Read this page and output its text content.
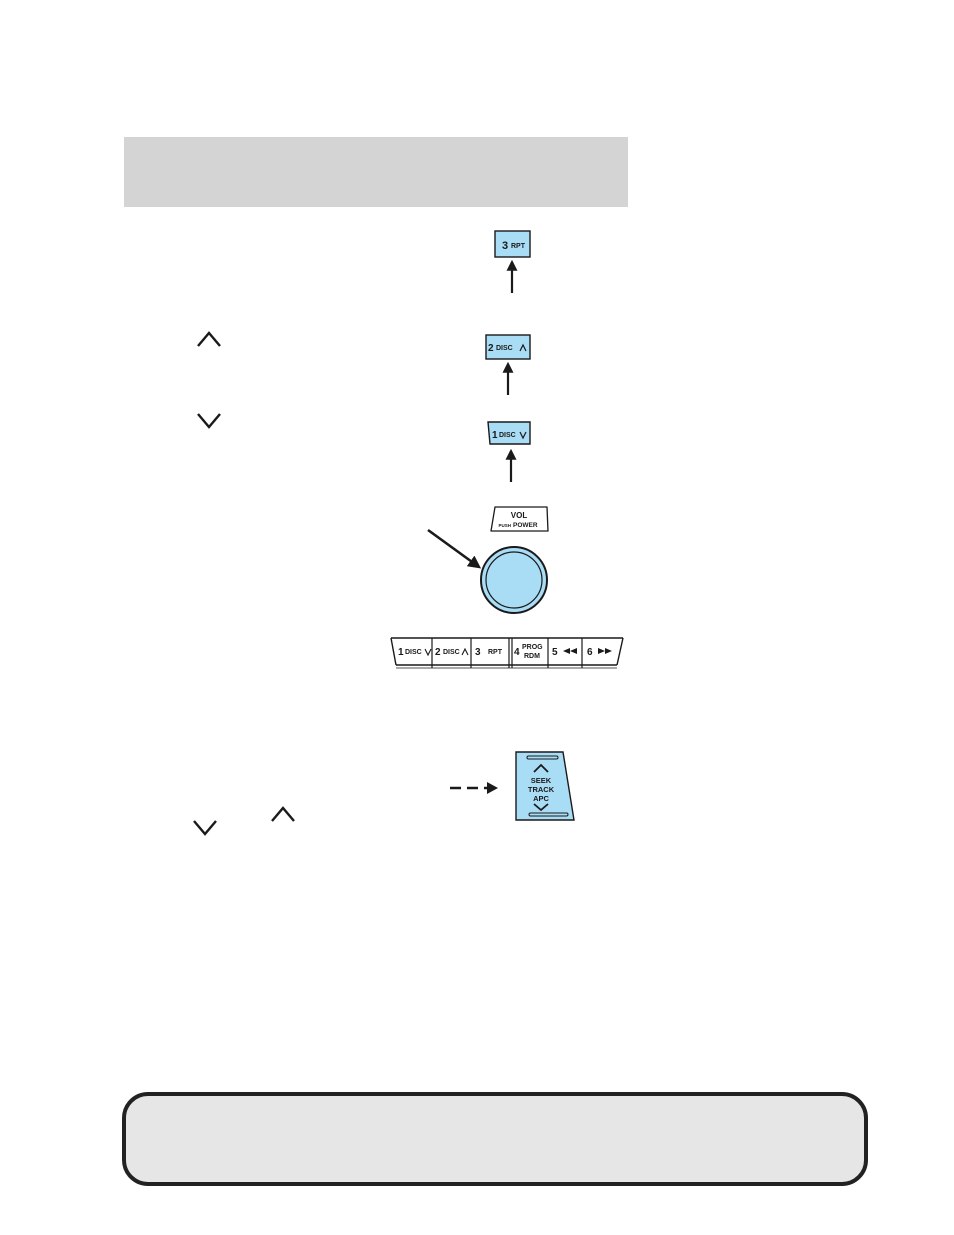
3 RPT
2 DISC
1 DISC
VOL
PUSH POWER
1 DISC 2 DISC 3 RPT 4 PROG
RDM 5	6
SEEK
TRACK
APC
